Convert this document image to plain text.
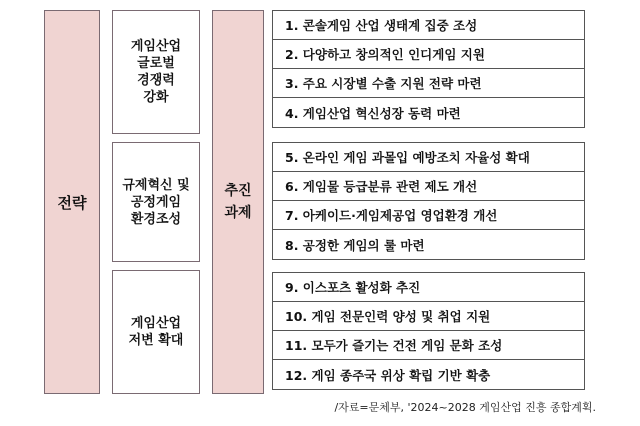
전략
게임산업
글로벌
경쟁력
강화
규제혁신 및
공정게임
환경조성
게임산업
저변 확대
추진
과제
1. 콘솔게임 산업 생태계 집중 조성
2. 다양하고 창의적인 인디게임 지원
3. 주요 시장별 수출 지원 전략 마련
4. 게임산업 혁신성장 동력 마련
5. 온라인 게임 과몰입 예방조치 자율성 확대
6. 게임물 등급분류 관련 제도 개선
7. 아케이드·게임제공업 영업환경 개선
8. 공정한 게임의 룰 마련
9. 이스포츠 활성화 추진
10. 게임 전문인력 양성 및 취업 지원
11. 모두가 즐기는 건전 게임 문화 조성
12. 게임 종주국 위상 확립 기반 확충
/자료=문체부, '2024~2028 게임산업 진흥 종합계획.
